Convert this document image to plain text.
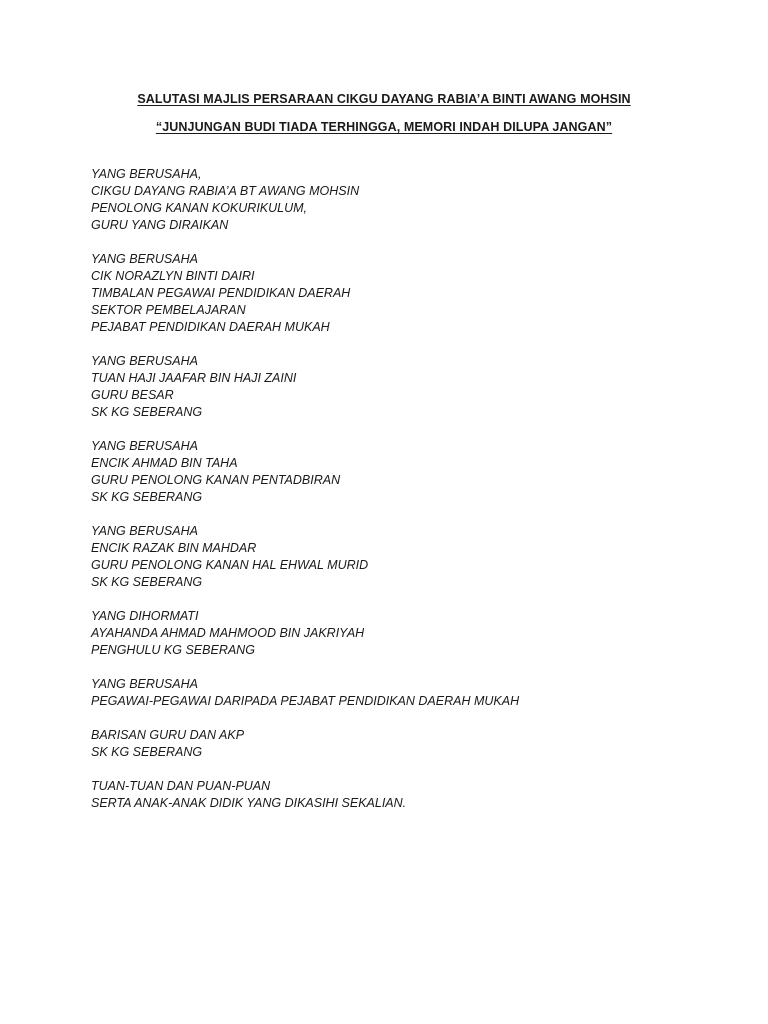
SALUTASI MAJLIS PERSARAAN CIKGU DAYANG RABIA’A BINTI AWANG MOHSIN
“JUNJUNGAN BUDI TIADA TERHINGGA, MEMORI INDAH DILUPA JANGAN”
YANG BERUSAHA,
CIKGU DAYANG RABIA’A BT AWANG MOHSIN
PENOLONG KANAN KOKURIKULUM,
GURU YANG DIRAIKAN
YANG BERUSAHA
CIK NORAZLYN BINTI DAIRI
TIMBALAN PEGAWAI PENDIDIKAN DAERAH
SEKTOR PEMBELAJARAN
PEJABAT PENDIDIKAN DAERAH MUKAH
YANG BERUSAHA
TUAN HAJI JAAFAR BIN HAJI ZAINI
GURU BESAR
SK KG SEBERANG
YANG BERUSAHA
ENCIK AHMAD BIN TAHA
GURU PENOLONG KANAN PENTADBIRAN
SK KG SEBERANG
YANG BERUSAHA
ENCIK RAZAK BIN MAHDAR
GURU PENOLONG KANAN HAL EHWAL MURID
SK KG SEBERANG
YANG DIHORMATI
AYAHANDA AHMAD MAHMOOD BIN JAKRIYAH
PENGHULU KG SEBERANG
YANG BERUSAHA
PEGAWAI-PEGAWAI DARIPADA PEJABAT PENDIDIKAN DAERAH MUKAH
BARISAN GURU DAN AKP
SK KG SEBERANG
TUAN-TUAN DAN PUAN-PUAN
SERTA ANAK-ANAK DIDIK YANG DIKASIHI SEKALIAN.
